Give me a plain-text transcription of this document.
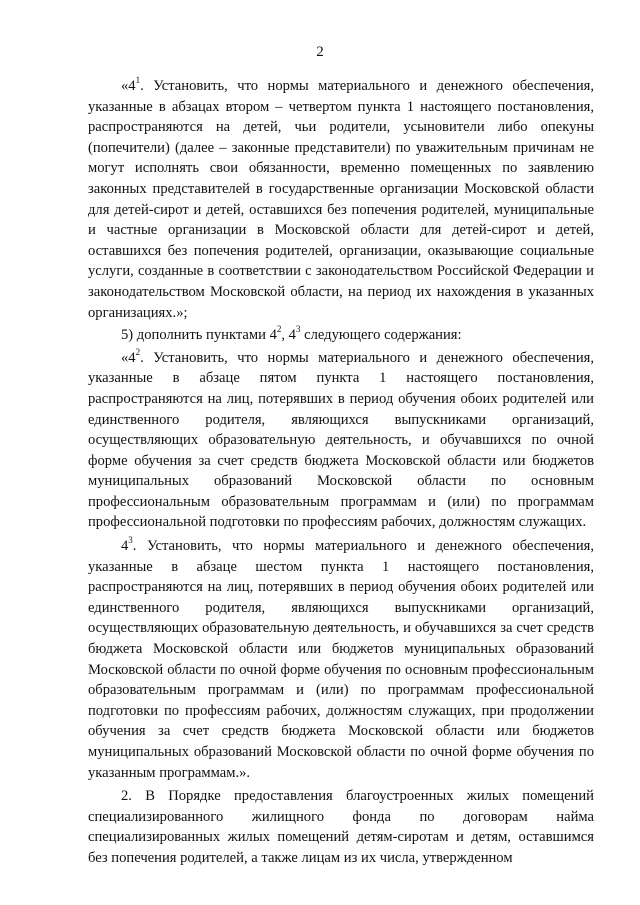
2

«$4^1$. Установить, что нормы материального и денежного обеспечения, указанные в абзацах втором – четвертом пункта 1 настоящего постановления, распространяются на детей, чьи родители, усыновители либо опекуны (попечители) (далее – законные представители) по уважительным причинам не могут исполнять свои обязанности, временно помещенных по заявлению законных представителей в государственные организации Московской области для детей-сирот и детей, оставшихся без попечения родителей, муниципальные и частные организации в Московской области для детей-сирот и детей, оставшихся без попечения родителей, организации, оказывающие социальные услуги, созданные в соответствии с законодательством Российской Федерации и законодательством Московской области, на период их нахождения в указанных организациях.»;

5) дополнить пунктами $4^2$, $4^3$ следующего содержания:

«$4^2$. Установить, что нормы материального и денежного обеспечения, указанные в абзаце пятом пункта 1 настоящего постановления, распространяются на лиц, потерявших в период обучения обоих родителей или единственного родителя, являющихся выпускниками организаций, осуществляющих образовательную деятельность, и обучавшихся по очной форме обучения за счет средств бюджета Московской области или бюджетов муниципальных образований Московской области по основным профессиональным образовательным программам и (или) по программам профессиональной подготовки по профессиям рабочих, должностям служащих.

$4^3$. Установить, что нормы материального и денежного обеспечения, указанные в абзаце шестом пункта 1 настоящего постановления, распространяются на лиц, потерявших в период обучения обоих родителей или единственного родителя, являющихся выпускниками организаций, осуществляющих образовательную деятельность, и обучавшихся за счет средств бюджета Московской области или бюджетов муниципальных образований Московской области по очной форме обучения по основным профессиональным образовательным программам и (или) по программам профессиональной подготовки по профессиям рабочих, должностям служащих, при продолжении обучения за счет средств бюджета Московской области или бюджетов муниципальных образований Московской области по очной форме обучения по указанным программам.».

2. В Порядке предоставления благоустроенных жилых помещений специализированного жилищного фонда по договорам найма специализированных жилых помещений детям-сиротам и детям, оставшимся без попечения родителей, а также лицам из их числа, утвержденном
